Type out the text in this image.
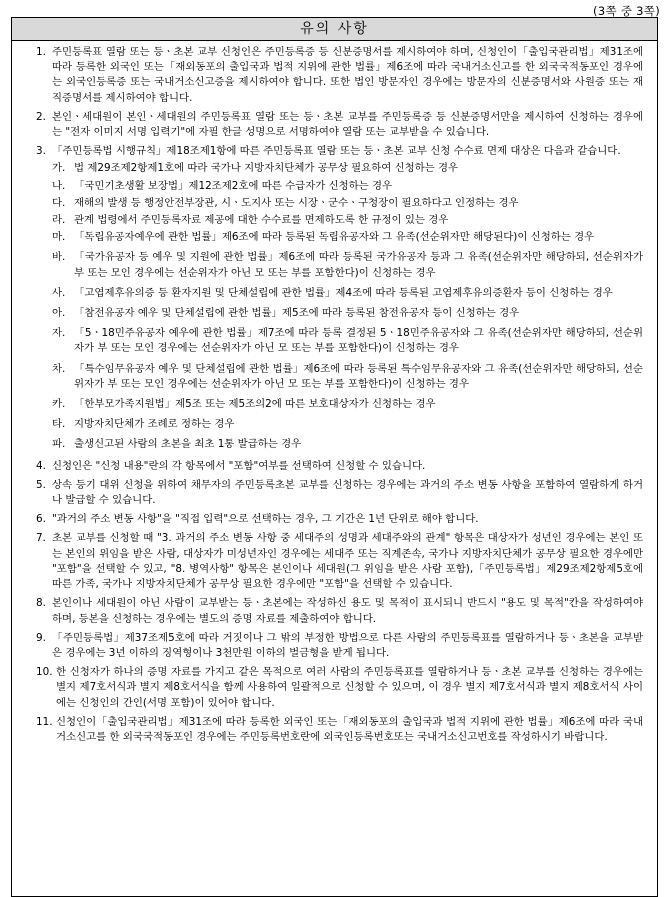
(3쪽 중 3쪽)
유의 사항
1. 주민등록표 열람 또는 등ㆍ초본 교부 신청인은 주민등록증 등 신분증명서를 제시하여야 하며, 신청인이「출입국관리법」제31조에 따라 등록한 외국인 또는「재외동포의 출입국과 법적 지위에 관한 법률」제6조에 따라 국내거소신고를 한 외국국적동포인 경우에는 외국인등록증 또는 국내거소신고증을 제시하여야 합니다. 또한 법인 방문자인 경우에는 방문자의 신분증명서와 사원증 또는 재직증명서를 제시하여야 합니다.
2. 본인ㆍ세대원이 본인ㆍ세대원의 주민등록표 열람 또는 등ㆍ초본 교부를 주민등록증 등 신분증명서만을 제시하여 신청하는 경우에는 "전자 이미지 서명 입력기"에 자필 한글 성명으로 서명하여야 열람 또는 교부받을 수 있습니다.
3. 「주민등록법 시행규칙」제18조제1항에 따른 주민등록표 열람 또는 등ㆍ초본 교부 신청 수수료 면제 대상은 다음과 같습니다.
가. 법 제29조제2항제1호에 따라 국가나 지방자치단체가 공무상 필요하여 신청하는 경우
나. 「국민기초생활 보장법」제12조제2호에 따른 수급자가 신청하는 경우
다. 재해의 발생 등 행정안전부장관, 시ㆍ도지사 또는 시장ㆍ군수ㆍ구청장이 필요하다고 인정하는 경우
라. 관계 법령에서 주민등록자료 제공에 대한 수수료를 면제하도록 한 규정이 있는 경우
마. 「독립유공자예우에 관한 법률」제6조에 따라 등록된 독립유공자와 그 유족(선순위자만 해당된다)이 신청하는 경우
바. 「국가유공자 등 예우 및 지원에 관한 법률」제6조에 따라 등록된 국가유공자 등과 그 유족(선순위자만 해당하되, 선순위자가 부 또는 모인 경우에는 선순위자가 아닌 모 또는 부를 포함한다)이 신청하는 경우
사. 「고엽제후유의증 등 환자지원 및 단체설립에 관한 법률」제4조에 따라 등록된 고엽제후유의증환자 등이 신청하는 경우
아. 「참전유공자 예우 및 단체설립에 관한 법률」제5조에 따라 등록된 참전유공자 등이 신청하는 경우
자. 「5ㆍ18민주유공자 예우에 관한 법률」제7조에 따라 등록 결정된 5ㆍ18민주유공자와 그 유족(선순위자만 해당하되, 선순위자가 부 또는 모인 경우에는 선순위자가 아닌 모 또는 부를 포함한다)이 신청하는 경우
차. 「특수임무유공자 예우 및 단체설립에 관한 법률」제6조에 따라 등록된 특수임무유공자와 그 유족(선순위자만 해당하되, 선순위자가 부 또는 모인 경우에는 선순위자가 아닌 모 또는 부를 포함한다)이 신청하는 경우
카. 「한부모가족지원법」제5조 또는 제5조의2에 따른 보호대상자가 신청하는 경우
타. 지방자치단체가 조례로 정하는 경우
파. 출생신고된 사람의 초본을 최초 1통 발급하는 경우
4. 신청인은 "신청 내용"란의 각 항목에서 "포함"여부를 선택하여 신청할 수 있습니다.
5. 상속 등기 대위 신청을 위하여 채무자의 주민등록초본 교부를 신청하는 경우에는 과거의 주소 변동 사항을 포함하여 열람하게 하거나 발급할 수 있습니다.
6. "과거의 주소 변동 사항"을 "직접 입력"으로 선택하는 경우, 그 기간은 1년 단위로 해야 합니다.
7. 초본 교부를 신청할 때 "3. 과거의 주소 변동 사항 중 세대주의 성명과 세대주와의 관계" 항목은 대상자가 성년인 경우에는 본인 또는 본인의 위임을 받은 사람, 대상자가 미성년자인 경우에는 세대주 또는 직계존속, 국가나 지방자치단체가 공무상 필요한 경우에만 "포함"을 선택할 수 있고, "8. 병역사항" 항목은 본인이나 세대원(그 위임을 받은 사람 포함),「주민등록법」제29조제2항제5호에 따른 가족, 국가나 지방자치단체가 공무상 필요한 경우에만 "포함"을 선택할 수 있습니다.
8. 본인이나 세대원이 아닌 사람이 교부받는 등ㆍ초본에는 작성하신 용도 및 목적이 표시되니 반드시 "용도 및 목적"칸을 작성하여야 하며, 등본을 신청하는 경우에는 별도의 증명 자료를 제출하여야 합니다.
9. 「주민등록법」제37조제5호에 따라 거짓이나 그 밖의 부정한 방법으로 다른 사람의 주민등록표를 열람하거나 등ㆍ초본을 교부받은 경우에는 3년 이하의 징역형이나 3천만원 이하의 벌금형을 받게 됩니다.
10. 한 신청자가 하나의 증명 자료를 가지고 같은 목적으로 여러 사람의 주민등록표를 열람하거나 등ㆍ초본 교부를 신청하는 경우에는 별지 제7호서식과 별지 제8호서식을 함께 사용하여 일괄적으로 신청할 수 있으며, 이 경우 별지 제7호서식과 별지 제8호서식 사이에는 신청인의 간인(서명 포함)이 있어야 합니다.
11. 신청인이「출입국관리법」제31조에 따라 등록한 외국인 또는「재외동포의 출입국과 법적 지위에 관한 법률」제6조에 따라 국내거소신고를 한 외국국적동포인 경우에는 주민등록번호란에 외국인등록번호또는 국내거소신고번호를 작성하시기 바랍니다.
